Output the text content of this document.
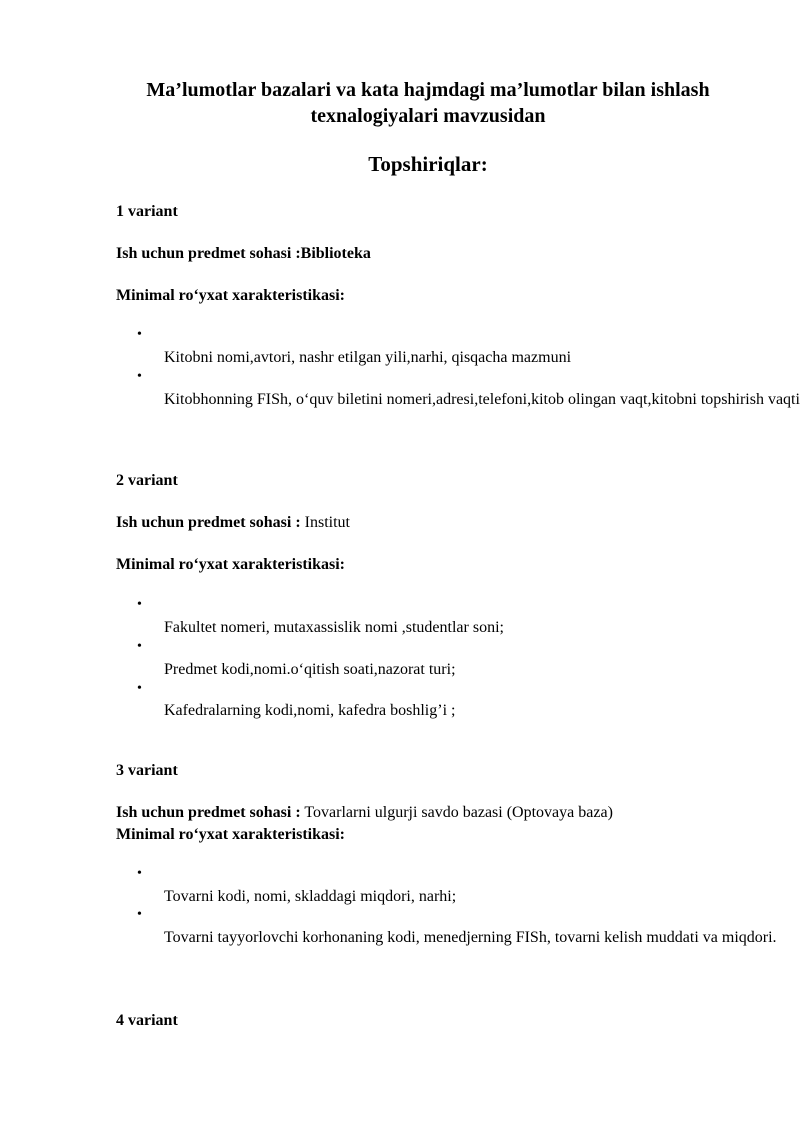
Ma’lumotlar bazalari va kata hajmdagi ma’lumotlar bilan ishlash
texnalogiyalari mavzusidan
Topshiriqlar:
1 variant
Ish uchun predmet sohasi :Biblioteka
Minimal ro‘yxat xarakteristikasi:
•
Kitobni nomi,avtori, nashr etilgan yili,narhi, qisqacha mazmuni
•
Kitobhonning FISh, o‘quv biletini nomeri,adresi,telefoni,kitob olingan vaqt,kitobni topshirish vaqti
2 variant
Ish uchun predmet sohasi : Institut
Minimal ro‘yxat xarakteristikasi:
•
Fakultet nomeri, mutaxassislik nomi ,studentlar soni;
•
Predmet kodi,nomi.o‘qitish soati,nazorat turi;
•
Kafedralarning kodi,nomi, kafedra boshlig’i ;
3 variant
Ish uchun predmet sohasi : Tovarlarni ulgurji savdo bazasi (Optovaya baza)
Minimal ro‘yxat xarakteristikasi:
•
Tovarni kodi, nomi, skladdagi miqdori, narhi;
•
Tovarni tayyorlovchi korhonaning kodi, menedjerning FISh, tovarni kelish muddati va miqdori.
4 variant
